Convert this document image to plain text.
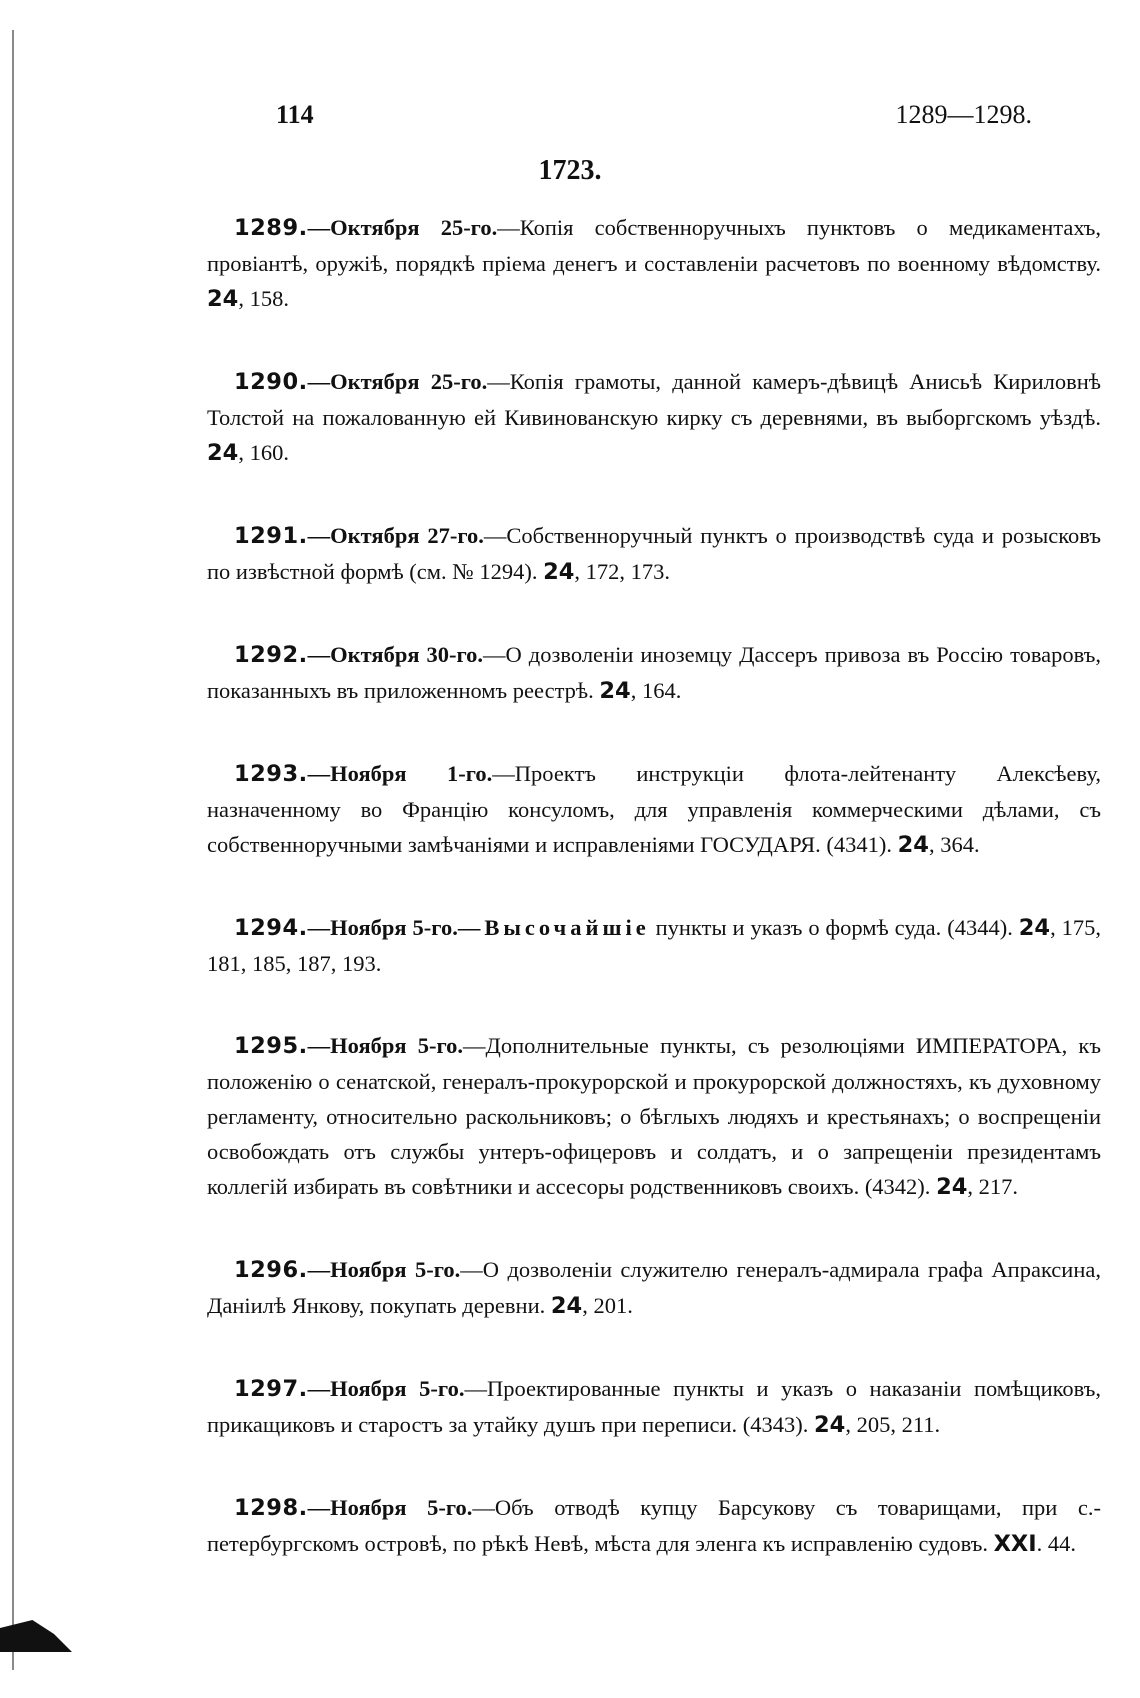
114	1289—1298.
1723.

1289.—Октября 25-го.—Копія собственноручныхъ пунктовъ о медикаментахъ, провіантѣ, оружіѣ, порядкѣ пріема денегъ и составленіи расчетовъ по военному вѣдомству. 24, 158.

1290.—Октября 25-го.—Копія грамоты, данной камеръ-дѣвицѣ Анисьѣ Кириловнѣ Толстой на пожалованную ей Кивинованскую кирку съ деревнями, въ выборгскомъ уѣздѣ. 24, 160.

1291.—Октября 27-го.—Собственноручный пунктъ о производствѣ суда и розысковъ по извѣстной формѣ (см. № 1294). 24, 172, 173.

1292.—Октября 30-го.—О дозволеніи иноземцу Дассеръ привоза въ Россію товаровъ, показанныхъ въ приложенномъ реестрѣ. 24, 164.

1293.—Ноября 1-го.—Проектъ инструкціи флота-лейтенанту Алексѣеву, назначенному во Францію консуломъ, для управленія коммерческими дѣлами, съ собственноручными замѣчаніями и исправленіями ГОСУДАРЯ. (4341). 24, 364.

1294.—Ноября 5-го.—Высочайшіе пункты и указъ о формѣ суда. (4344). 24, 175, 181, 185, 187, 193.

1295.—Ноября 5-го.—Дополнительные пункты, съ резолюціями ИМПЕРАТОРА, къ положенію о сенатской, генералъ-прокурорской и прокурорской должностяхъ, къ духовному регламенту, относительно раскольниковъ; о бѣглыхъ людяхъ и крестьянахъ; о воспрещеніи освобождать отъ службы унтеръ-офицеровъ и солдатъ, и о запрещеніи президентамъ коллегій избирать въ совѣтники и ассесоры родственниковъ своихъ. (4342). 24, 217.

1296.—Ноября 5-го.—О дозволеніи служителю генералъ-адмирала графа Апраксина, Даніилѣ Янкову, покупать деревни. 24, 201.

1297.—Ноября 5-го.—Проектированные пункты и указъ о наказаніи помѣщиковъ, прикащиковъ и старостъ за утайку душъ при переписи. (4343). 24, 205, 211.

1298.—Ноября 5-го.—Объ отводѣ купцу Барсукову съ товарищами, при с.-петербургскомъ островѣ, по рѣкѣ Невѣ, мѣста для эленга къ исправленію судовъ. XXI. 44.
